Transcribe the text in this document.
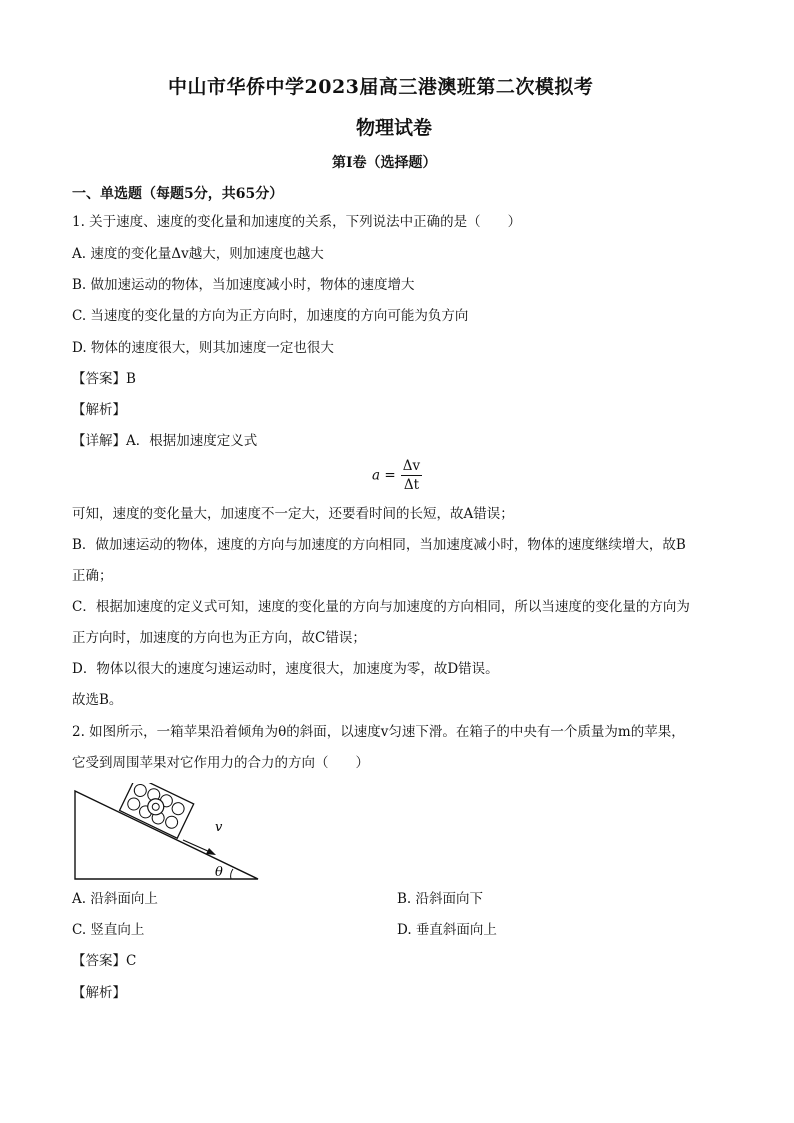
中山市华侨中学2023届高三港澳班第二次模拟考
物理试卷
第I卷（选择题）
一、单选题（每题5分，共65分）
1. 关于速度、速度的变化量和加速度的关系，下列说法中正确的是（　　）
A. 速度的变化量Δv越大，则加速度也越大
B. 做加速运动的物体，当加速度减小时，物体的速度增大
C. 当速度的变化量的方向为正方向时，加速度的方向可能为负方向
D. 物体的速度很大，则其加速度一定也很大
【答案】B
【解析】
【详解】A．根据加速度定义式
$a = \frac{\Delta v}{\Delta t}$
可知，速度的变化量大，加速度不一定大，还要看时间的长短，故A错误；
B．做加速运动的物体，速度的方向与加速度的方向相同，当加速度减小时，物体的速度继续增大，故B
正确；
C．根据加速度的定义式可知，速度的变化量的方向与加速度的方向相同，所以当速度的变化量的方向为
正方向时，加速度的方向也为正方向，故C错误；
D．物体以很大的速度匀速运动时，速度很大，加速度为零，故D错误。
故选B。
2. 如图所示，一箱苹果沿着倾角为θ的斜面，以速度v匀速下滑。在箱子的中央有一个质量为m的苹果，
它受到周围苹果对它作用力的合力的方向（　　）
v
θ
A. 沿斜面向上	B. 沿斜面向下
C. 竖直向上	D. 垂直斜面向上
【答案】C
【解析】
